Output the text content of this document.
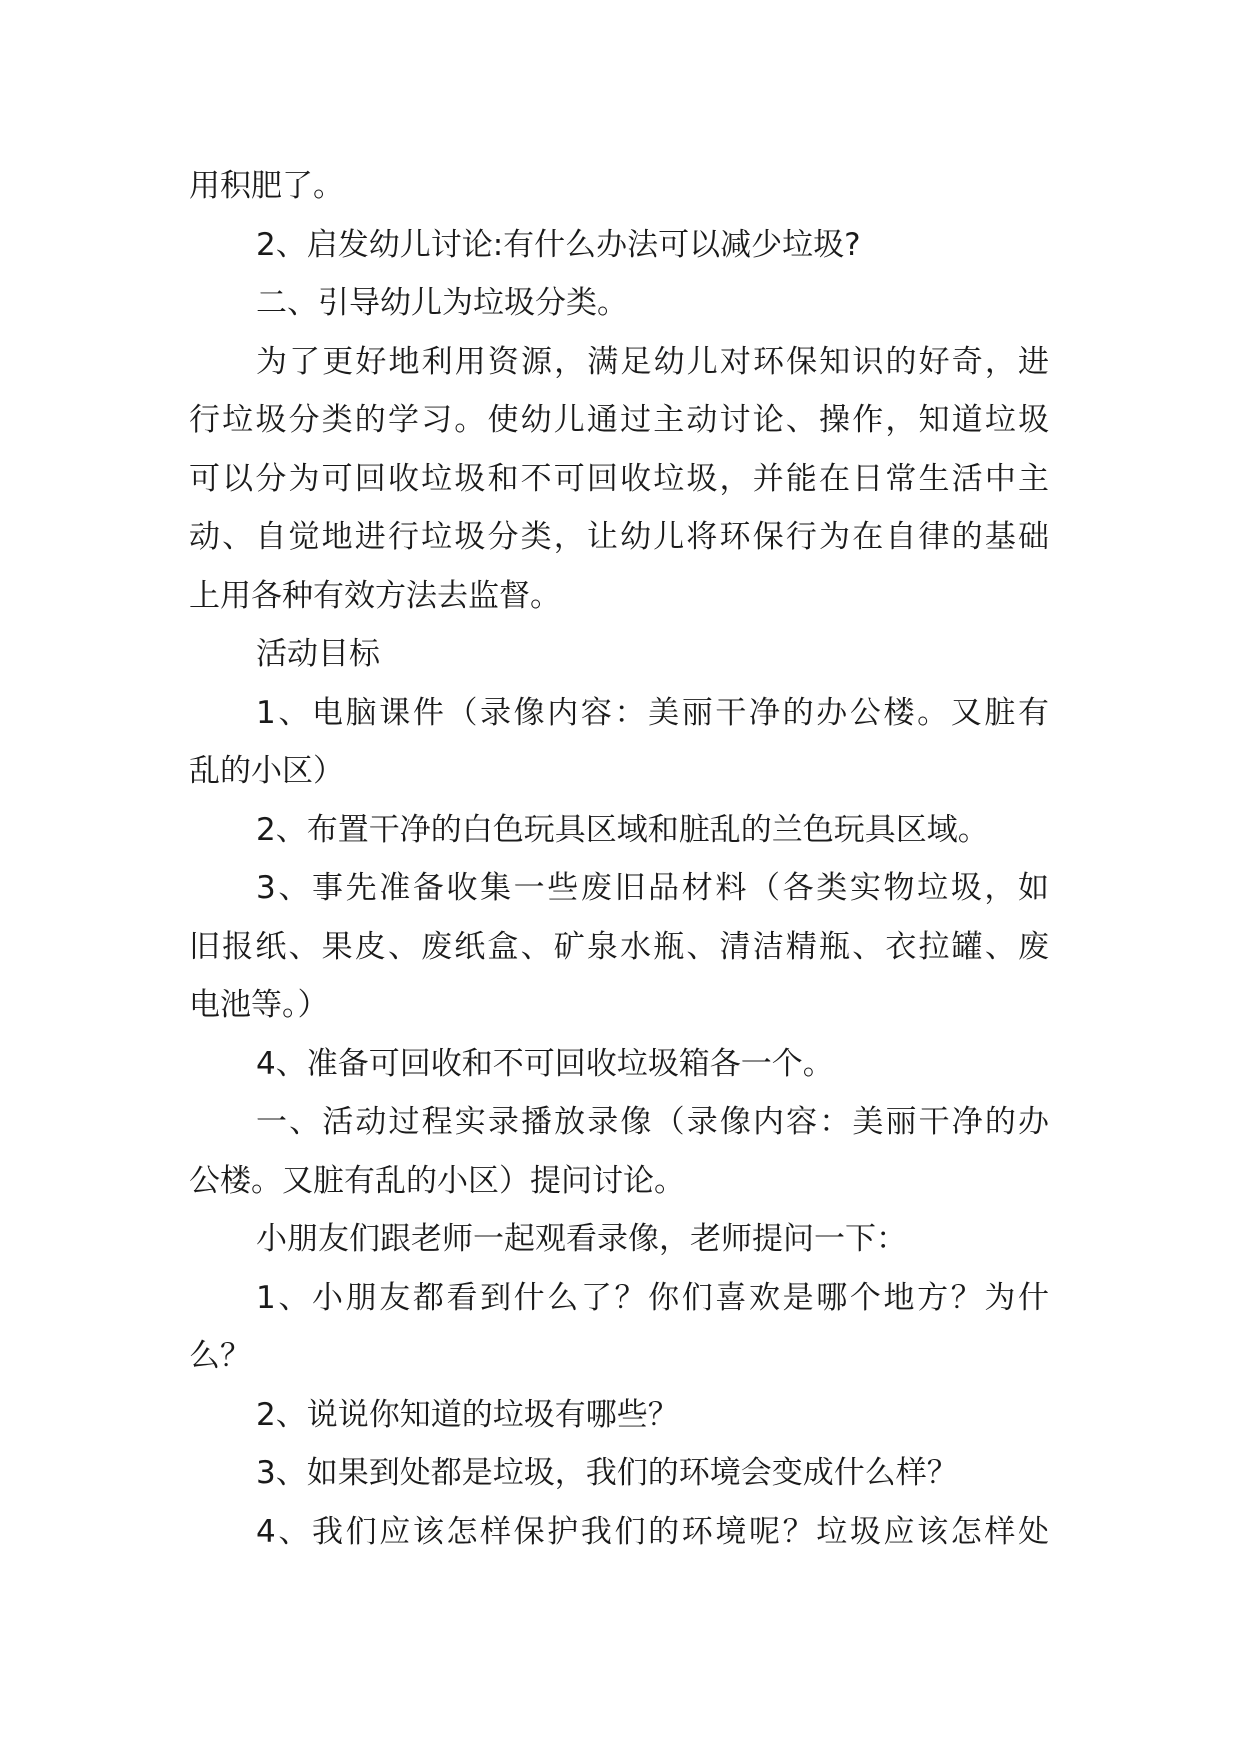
用积肥了。
2、启发幼儿讨论:有什么办法可以减少垃圾?
二、引导幼儿为垃圾分类。
为了更好地利用资源，满足幼儿对环保知识的好奇，进
行垃圾分类的学习。使幼儿通过主动讨论、操作，知道垃圾
可以分为可回收垃圾和不可回收垃圾，并能在日常生活中主
动、自觉地进行垃圾分类，让幼儿将环保行为在自律的基础
上用各种有效方法去监督。
活动目标
1、电脑课件（录像内容：美丽干净的办公楼。又脏有
乱的小区）
2、布置干净的白色玩具区域和脏乱的兰色玩具区域。
3、事先准备收集一些废旧品材料（各类实物垃圾，如
旧报纸、果皮、废纸盒、矿泉水瓶、清洁精瓶、衣拉罐、废
电池等。）
4、准备可回收和不可回收垃圾箱各一个。
一、活动过程实录播放录像（录像内容：美丽干净的办
公楼。又脏有乱的小区）提问讨论。
小朋友们跟老师一起观看录像，老师提问一下：
1、小朋友都看到什么了？你们喜欢是哪个地方？为什
么？
2、说说你知道的垃圾有哪些？
3、如果到处都是垃圾，我们的环境会变成什么样？
4、我们应该怎样保护我们的环境呢？垃圾应该怎样处
